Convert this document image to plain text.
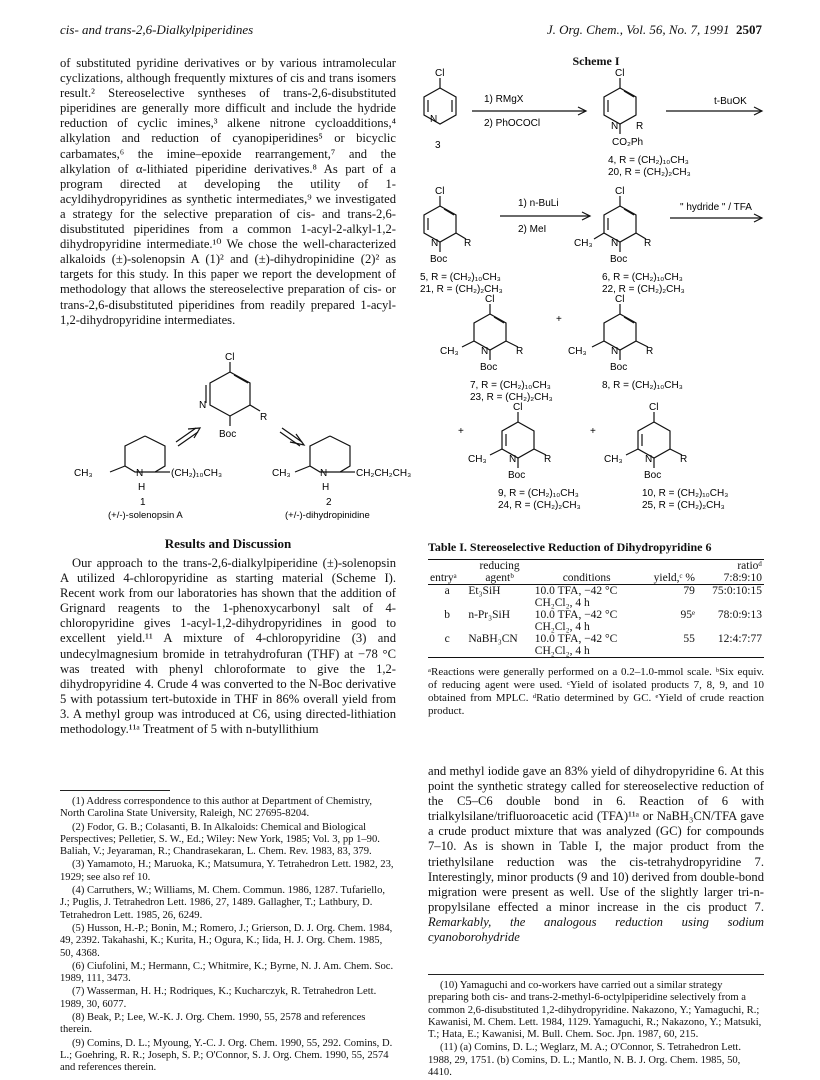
cis- and trans-2,6-Dialkylpiperidines	J. Org. Chem., Vol. 56, No. 7, 1991 2507
of substituted pyridine derivatives or by various intramolecular cyclizations, although frequently mixtures of cis and trans isomers result.² Stereoselective syntheses of trans-2,6-disubstituted piperidines are generally more difficult and include the hydride reduction of cyclic imines,³ alkene nitrone cycloadditions,⁴ alkylation and reduction of cyanopiperidines⁵ or bicyclic carbamates,⁶ the imine–epoxide rearrangement,⁷ and the alkylation of α-lithiated piperidine derivatives.⁸ As part of a program directed at developing the utility of 1-acyldihydropyridines as synthetic intermediates,⁹ we investigated a strategy for the selective preparation of cis- and trans-2,6-disubstituted piperidines from a common 1-acyl-2-alkyl-1,2-dihydropyridine intermediate.¹⁰ We chose the well-characterized alkaloids (±)-solenopsin A (1)² and (±)-dihydropinidine (2)² as targets for this study. In this paper we report the development of methodology that allows the stereoselective preparation of cis- or trans-2,6-disubstituted piperidines from readily prepared 1-acyl-1,2-dihydropyridine intermediates.
Cl
N
R
Boc
CH₃	N	(CH₂)₁₀CH₃
H
1
(+/-)-solenopsin A
CH₃	N	CH₂CH₂CH₃
H
2
(+/-)-dihydropinidine
Results and Discussion
Our approach to the trans-2,6-dialkylpiperidine (±)-solenopsin A utilized 4-chloropyridine as starting material (Scheme I). Recent work from our laboratories has shown that the addition of Grignard reagents to the 1-phenoxycarbonyl salt of 4-chloropyridine gives 1-acyl-1,2-dihydropyridines in good to excellent yield.¹¹ A mixture of 4-chloropyridine (3) and undecylmagnesium bromide in tetrahydrofuran (THF) at −78 °C was treated with phenyl chloroformate to give the 1,2-dihydropyridine 4. Crude 4 was converted to the N-Boc derivative 5 with potassium tert-butoxide in THF in 86% overall yield from 3. A methyl group was introduced at C6, using directed-lithiation methodology.¹¹ᵃ Treatment of 5 with n-butyllithium

(1) Address correspondence to this author at Department of Chemistry, North Carolina State University, Raleigh, NC 27695-8204.

(2) Fodor, G. B.; Colasanti, B. In Alkaloids: Chemical and Biological Perspectives; Pelletier, S. W., Ed.; Wiley: New York, 1985; Vol. 3, pp 1–90. Baliah, V.; Jeyaraman, R.; Chandrasekaran, L. Chem. Rev. 1983, 83, 379.

(3) Yamamoto, H.; Maruoka, K.; Matsumura, Y. Tetrahedron Lett. 1982, 23, 1929; see also ref 10.

(4) Carruthers, W.; Williams, M. Chem. Commun. 1986, 1287. Tufariello, J.; Puglis, J. Tetrahedron Lett. 1986, 27, 1489. Gallagher, T.; Lathbury, D. Tetrahedron Lett. 1985, 26, 6249.

(5) Husson, H.-P.; Bonin, M.; Romero, J.; Grierson, D. J. Org. Chem. 1984, 49, 2392. Takahashi, K.; Kurita, H.; Ogura, K.; Iida, H. J. Org. Chem. 1985, 50, 4368.

(6) Ciufolini, M.; Hermann, C.; Whitmire, K.; Byrne, N. J. Am. Chem. Soc. 1989, 111, 3473.

(7) Wasserman, H. H.; Rodriques, K.; Kucharczyk, R. Tetrahedron Lett. 1989, 30, 6077.

(8) Beak, P.; Lee, W.-K. J. Org. Chem. 1990, 55, 2578 and references therein.

(9) Comins, D. L.; Myoung, Y.-C. J. Org. Chem. 1990, 55, 292. Comins, D. L.; Goehring, R. R.; Joseph, S. P.; O'Connor, S. J. Org. Chem. 1990, 55, 2574 and references therein.

Scheme I
Cl
N
3
1) RMgX
2) PhOCOCl
Cl
N R
CO₂Ph
4, R = (CH₂)₁₀CH₃
20, R = (CH₂)₂CH₃
t-BuOK
Cl
N	R
Boc
5, R = (CH₂)₁₀CH₃
21, R = (CH₂)₂CH₃
1) n-BuLi
2) MeI
Cl
CH₃ N	R
Boc
6, R = (CH₂)₁₀CH₃
22, R = (CH₂)₂CH₃
" hydride " / TFA
Cl
CH₃ N	R
Boc
7, R = (CH₂)₁₀CH₃
23, R = (CH₂)₂CH₃
+
Cl
CH₃ N	R
Boc
8, R = (CH₂)₁₀CH₃
+
Cl
CH₃ N	R
Boc
9, R = (CH₂)₁₀CH₃
24, R = (CH₂)₂CH₃
+
Cl
CH₃ N	R
Boc
10, R = (CH₂)₁₀CH₃
25, R = (CH₂)₂CH₃
Table I. Stereoselective Reduction of Dihydropyridine 6

entryᵃ	reducing
agentᵇ	conditions	yield,ᶜ %	ratioᵈ
7:8:9:10
a	Et₃SiH	10.0 TFA, −42 °C
CH₂Cl₂, 4 h	79	75:0:10:15
b	n-Pr₃SiH	10.0 TFA, −42 °C
CH₂Cl₂, 4 h	95ᵉ	78:0:9:13
c	NaBH₃CN	10.0 TFA, −42 °C
CH₂Cl₂, 4 h	55	12:4:7:77
ᵃReactions were generally performed on a 0.2–1.0-mmol scale. ᵇSix equiv. of reducing agent were used. ᶜYield of isolated products 7, 8, 9, and 10 obtained from MPLC. ᵈRatio determined by GC. ᵉYield of crude reaction product.
and methyl iodide gave an 83% yield of dihydropyridine 6. At this point the synthetic strategy called for stereoselective reduction of the C5–C6 double bond in 6. Reaction of 6 with trialkylsilane/trifluoroacetic acid (TFA)¹¹ᵃ or NaBH₃CN/TFA gave a crude product mixture that was analyzed (GC) for compounds 7–10. As is shown in Table I, the major product from the triethylsilane reduction was the cis-tetrahydropyridine 7. Interestingly, minor products (9 and 10) derived from double-bond migration were present as well. Use of the slightly larger tri-n-propylsilane effected a minor increase in the cis product 7. Remarkably, the analogous reduction using sodium cyanoborohydride

(10) Yamaguchi and co-workers have carried out a similar strategy preparing both cis- and trans-2-methyl-6-octylpiperidine selectively from a common 2,6-disubstituted 1,2-dihydropyridine. Nakazono, Y.; Yamaguchi, R.; Kawanisi, M. Chem. Lett. 1984, 1129. Yamaguchi, R.; Nakazono, Y.; Matsuki, T.; Hata, E.; Kawanisi, M. Bull. Chem. Soc. Jpn. 1987, 60, 215.

(11) (a) Comins, D. L.; Weglarz, M. A.; O'Connor, S. Tetrahedron Lett. 1988, 29, 1751. (b) Comins, D. L.; Mantlo, N. B. J. Org. Chem. 1985, 50, 4410.
